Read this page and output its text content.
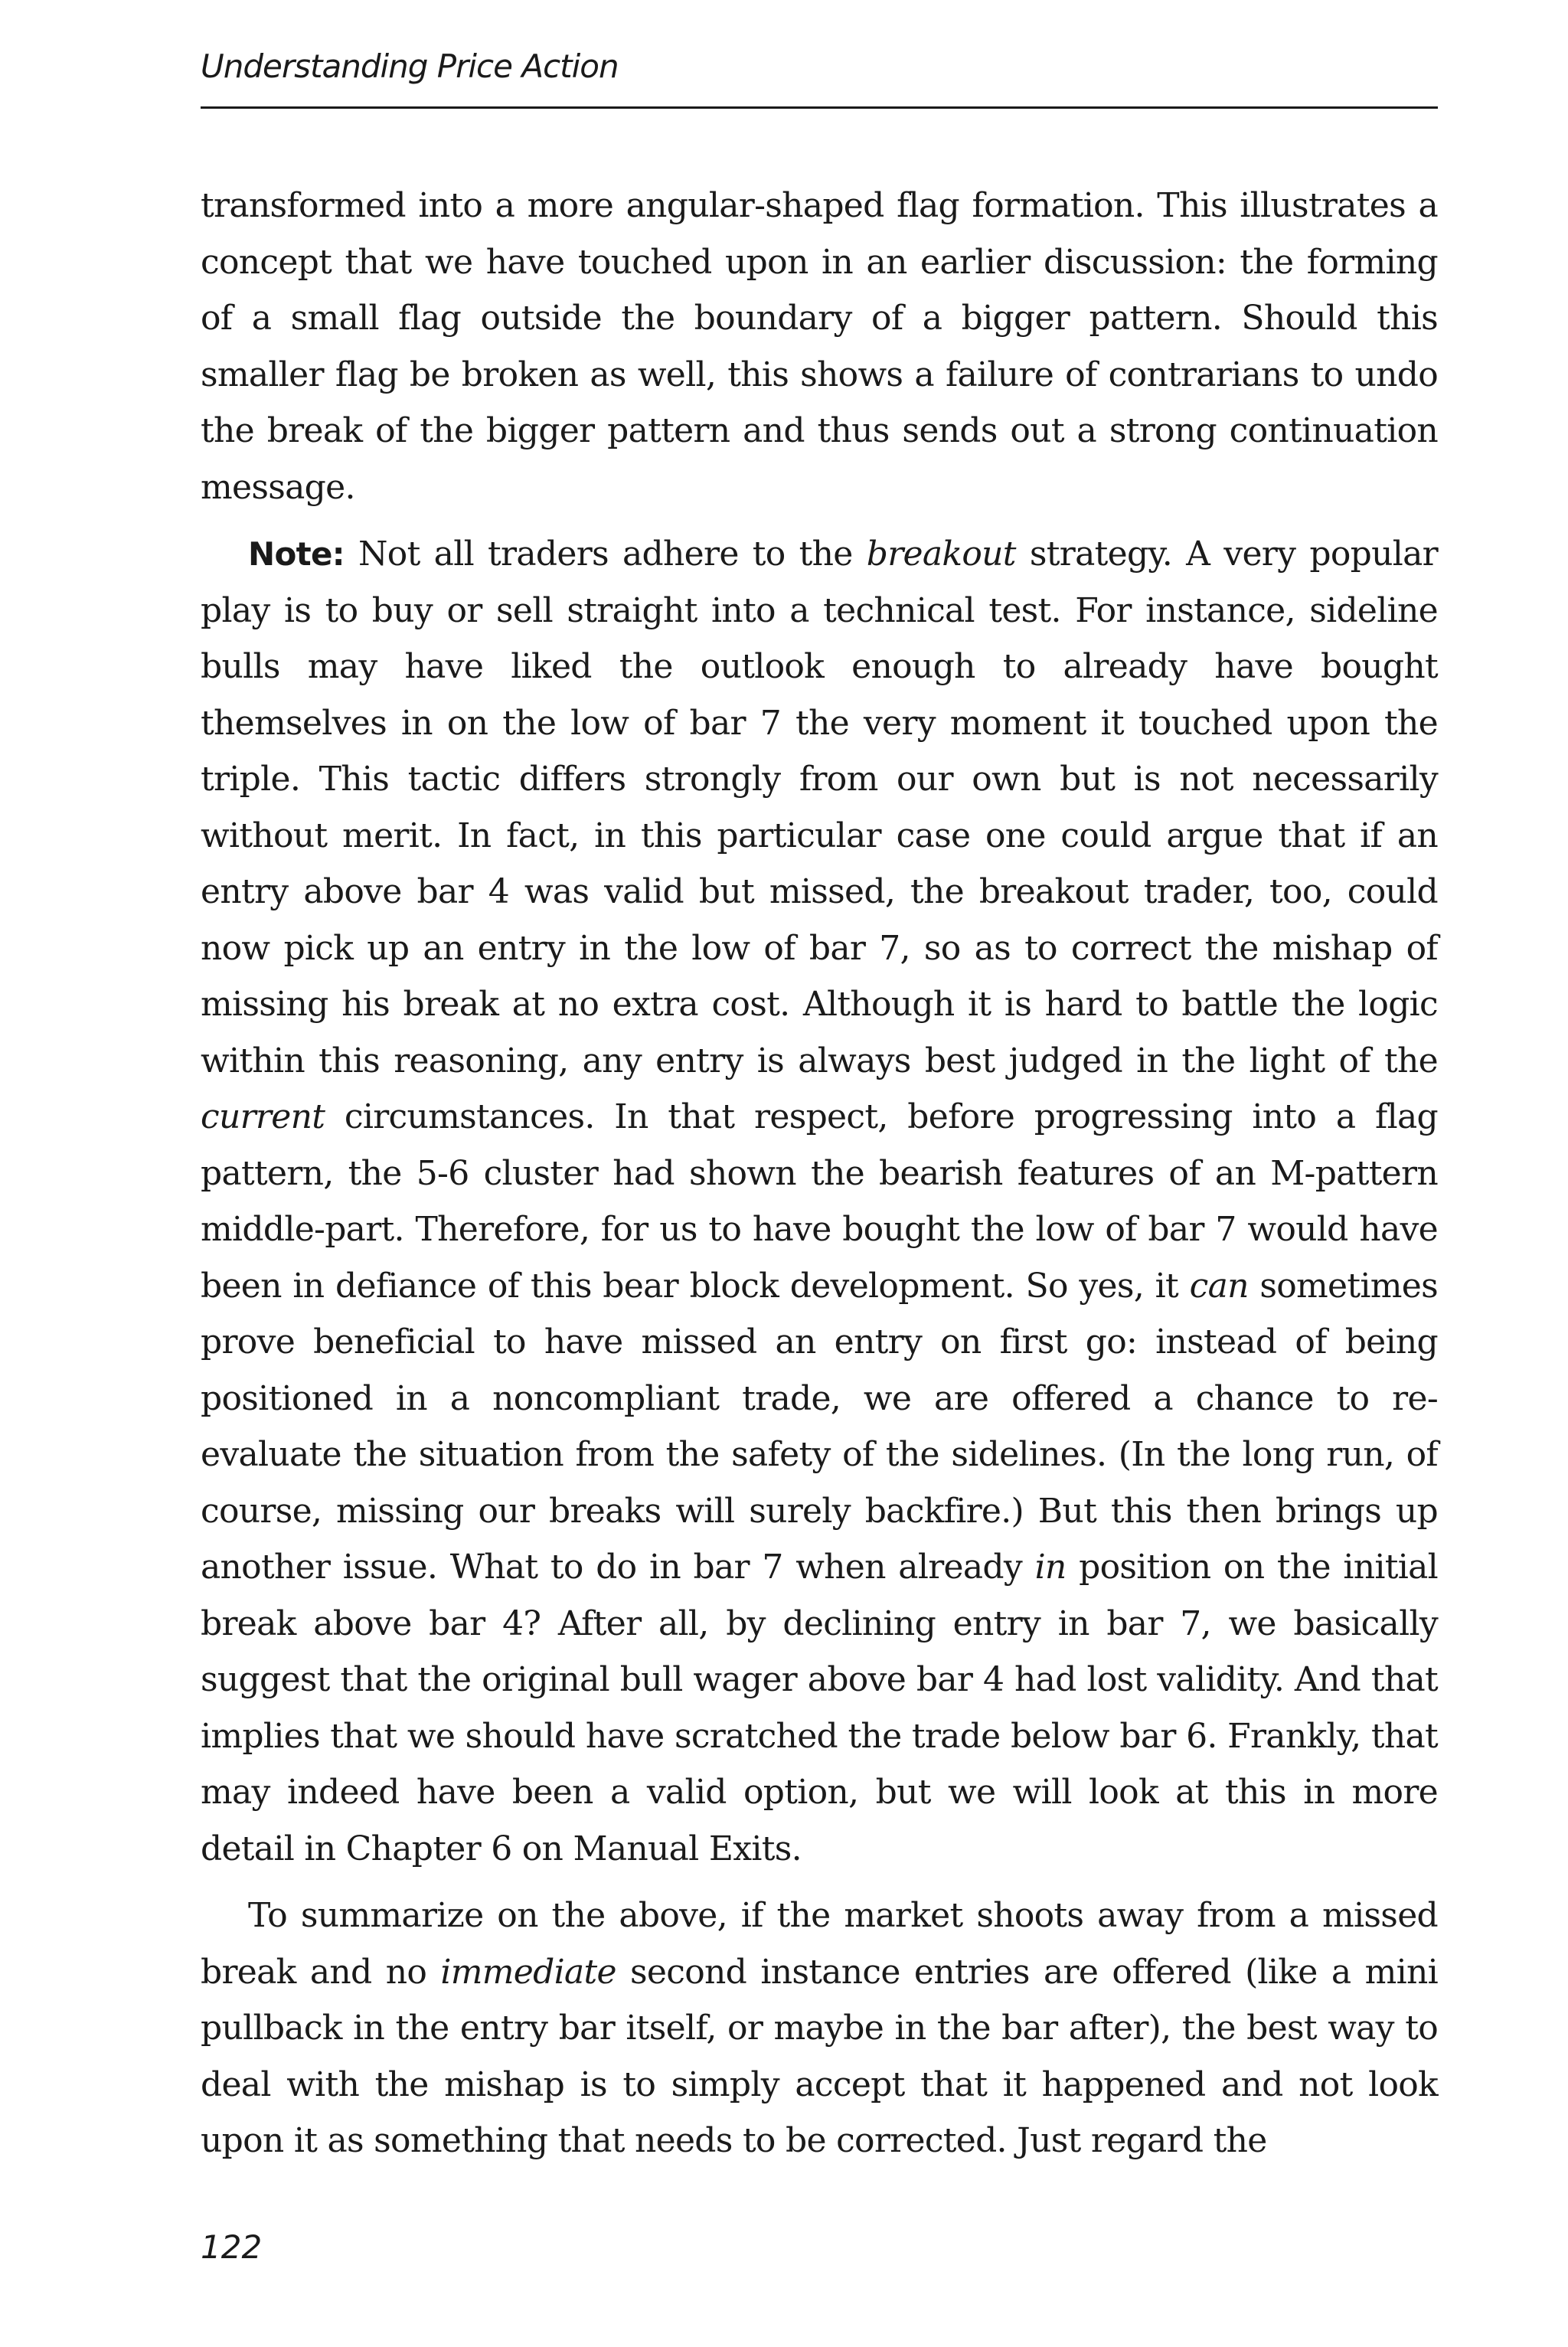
Understanding Price Action

transformed into a more angular-shaped flag formation. This illustrates a concept that we have touched upon in an earlier discussion: the forming of a small flag outside the boundary of a bigger pattern. Should this smaller flag be broken as well, this shows a failure of contrarians to undo the break of the bigger pattern and thus sends out a strong continuation message.

Note: Not all traders adhere to the breakout strategy. A very popular play is to buy or sell straight into a technical test. For instance, sideline bulls may have liked the outlook enough to already have bought themselves in on the low of bar 7 the very moment it touched upon the triple. This tactic differs strongly from our own but is not necessarily without merit. In fact, in this particular case one could argue that if an entry above bar 4 was valid but missed, the breakout trader, too, could now pick up an entry in the low of bar 7, so as to correct the mishap of missing his break at no extra cost. Although it is hard to battle the logic within this reasoning, any entry is always best judged in the light of the current circumstances. In that respect, before progressing into a flag pattern, the 5-6 cluster had shown the bearish features of an M-pattern middle-part. Therefore, for us to have bought the low of bar 7 would have been in defiance of this bear block development. So yes, it can sometimes prove beneficial to have missed an entry on first go: instead of being positioned in a noncompliant trade, we are offered a chance to re-evaluate the situation from the safety of the sidelines. (In the long run, of course, missing our breaks will surely backfire.) But this then brings up another issue. What to do in bar 7 when already in position on the initial break above bar 4? After all, by declining entry in bar 7, we basically suggest that the original bull wager above bar 4 had lost validity. And that implies that we should have scratched the trade below bar 6. Frankly, that may indeed have been a valid option, but we will look at this in more detail in Chapter 6 on Manual Exits.

To summarize on the above, if the market shoots away from a missed break and no immediate second instance entries are offered (like a mini pullback in the entry bar itself, or maybe in the bar after), the best way to deal with the mishap is to simply accept that it happened and not look upon it as something that needs to be corrected. Just regard the

122
